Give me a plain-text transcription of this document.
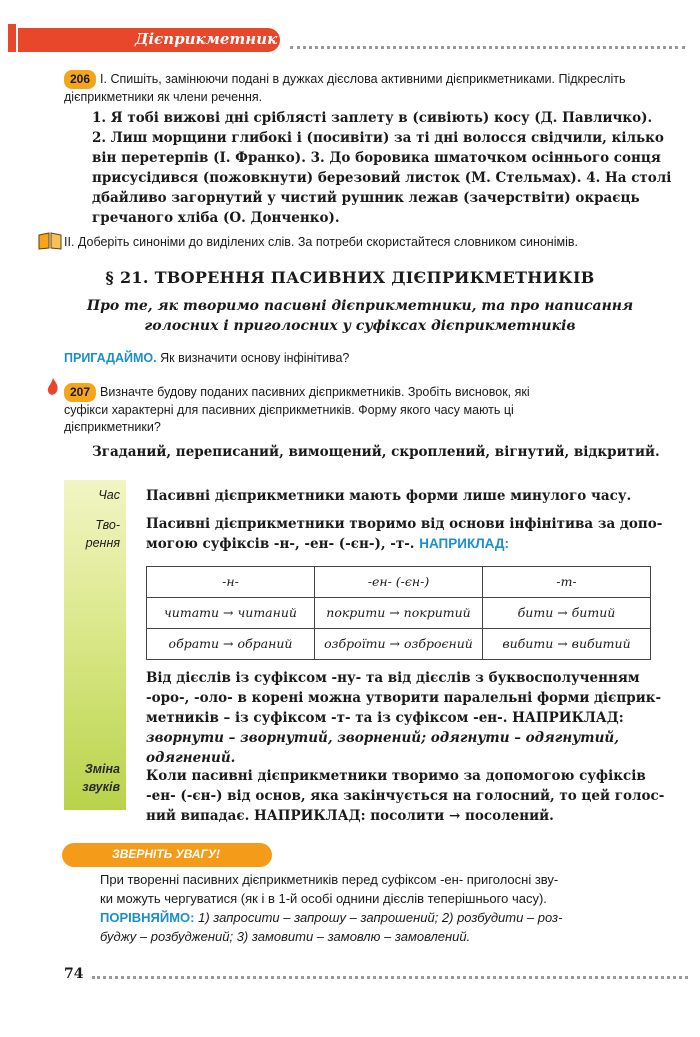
Дієприкметник
206 І. Спишіть, замінюючи подані в дужках дієслова активними дієприкметниками. Підкресліть дієприкметники як члени речення.
1. Я тобі вижові дні сріблясті заплету в (сивіють) косу (Д. Павличко).
2. Лиш морщини глибокі і (посивіти) за ті дні волосся свідчили, кілько
він перетерпів (І. Франко). 3. До боровика шматочком осіннього сонця
присусідився (пожовкнути) березовий листок (М. Стельмах). 4. На столі
дбайливо загорнутий у чистий рушник лежав (зачерствіти) окраєць
гречаного хліба (О. Донченко).
ІІ. Доберіть синоніми до виділених слів. За потреби скористайтеся словником синонімів.
§ 21. ТВОРЕННЯ ПАСИВНИХ ДІЄПРИКМЕТНИКІВ
Про те, як творимо пасивні дієприкметники, та про написання
голосних і приголосних у суфіксах дієприкметників
ПРИГАДАЙМО. Як визначити основу інфінітива?
207 Визначте будову поданих пасивних дієприкметників. Зробіть висновок, які
суфікси характерні для пасивних дієприкметників. Форму якого часу мають ці
дієприкметники?
Згаданий, переписаний, вимощений, скроплений, вігнутий, відкритий.
Час Пасивні дієприкметники мають форми лише минулого часу.
Тво-
рення
Пасивні дієприкметники творимо від основи інфінітива за допо-
могою суфіксів -н-, -ен- (-єн-), -т-. НАПРИКЛАД:
-н-	-ен- (-єн-)	-т-
читати → читаний	покрити → покритий	бити → битий
обрати → обраний	озброїти → озброєний	вибити → вибитий
Від дієслів із суфіксом -ну- та від дієслів з буквосполученням
-оро-, -оло- в корені можна утворити паралельні форми дієприк-
метників – із суфіксом -т- та із суфіксом -ен-. НАПРИКЛАД:
зворнути – зворнутий, зворнений; одягнути – одягнутий,
одягнений.
Зміна
звуків
Коли пасивні дієприкметники творимо за допомогою суфіксів
-ен- (-єн-) від основ, яка закінчується на голосний, то цей голос-
ний випадає. НАПРИКЛАД: посолити → посолений.
ЗВЕРНІТЬ УВАГУ!
При творенні пасивних дієприкметників перед суфіксом -ен- приголосні зву-
ки можуть чергуватися (як і в 1-й особі однини дієслів теперішнього часу).
ПОРІВНЯЙМО: 1) запросити – запрошу – запрошений; 2) розбудити – роз-
буджу – розбуджений; 3) замовити – замовлю – замовлений.
74
